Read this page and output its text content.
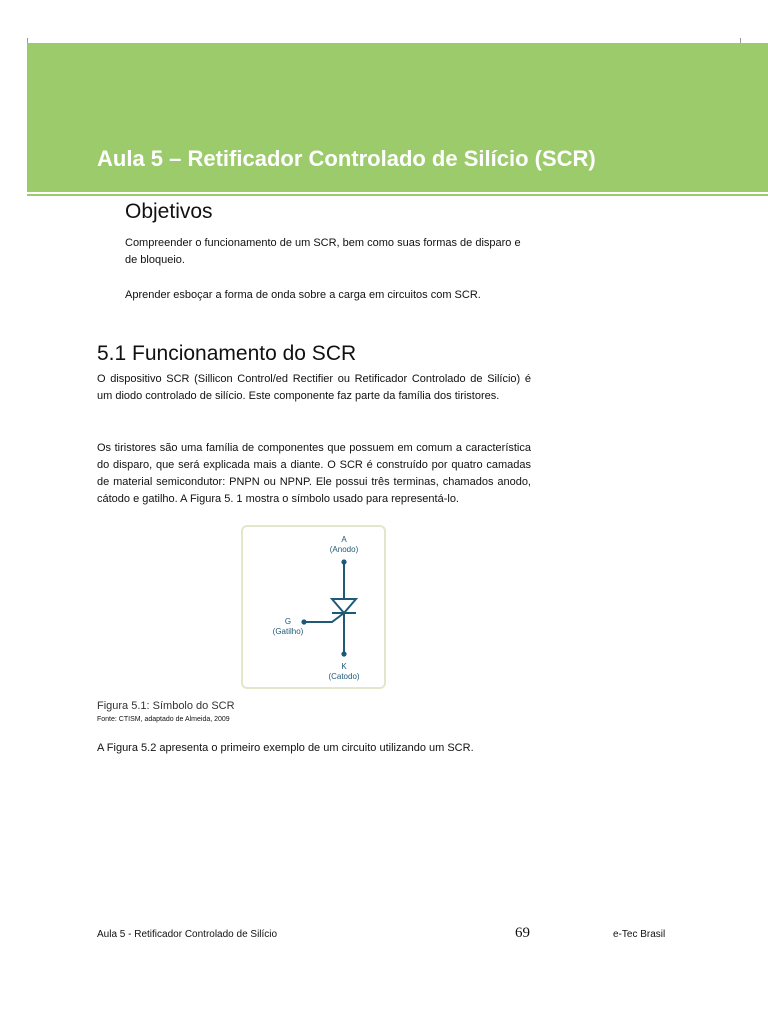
Aula 5 – Retificador Controlado de Silício (SCR)
Objetivos

Compreender o funcionamento de um SCR, bem como suas formas de disparo e de bloqueio.

Aprender esboçar a forma de onda sobre a carga em circuitos com SCR.

5.1 Funcionamento do SCR

O dispositivo SCR (Sillicon Control/ed Rectifier ou Retificador Controlado de Silício) é um diodo controlado de silício. Este componente faz parte da família dos tiristores.

Os tiristores são uma família de componentes que possuem em comum a característica do disparo, que será explicada mais a diante. O SCR é construído por quatro camadas de material semicondutor: PNPN ou NPNP. Ele possui três terminas, chamados anodo, cátodo e gatilho. A Figura 5. 1 mostra o símbolo usado para representá-lo.

A
(Anodo)
G
(Gatilho)
K
(Catodo)

Figura 5.1: Símbolo do SCR

Fonte: CTISM, adaptado de Almeida, 2009

A Figura 5.2 apresenta o primeiro exemplo de um circuito utilizando um SCR.

Aula 5 - Retificador Controlado de Silício	69	e-Tec Brasil
